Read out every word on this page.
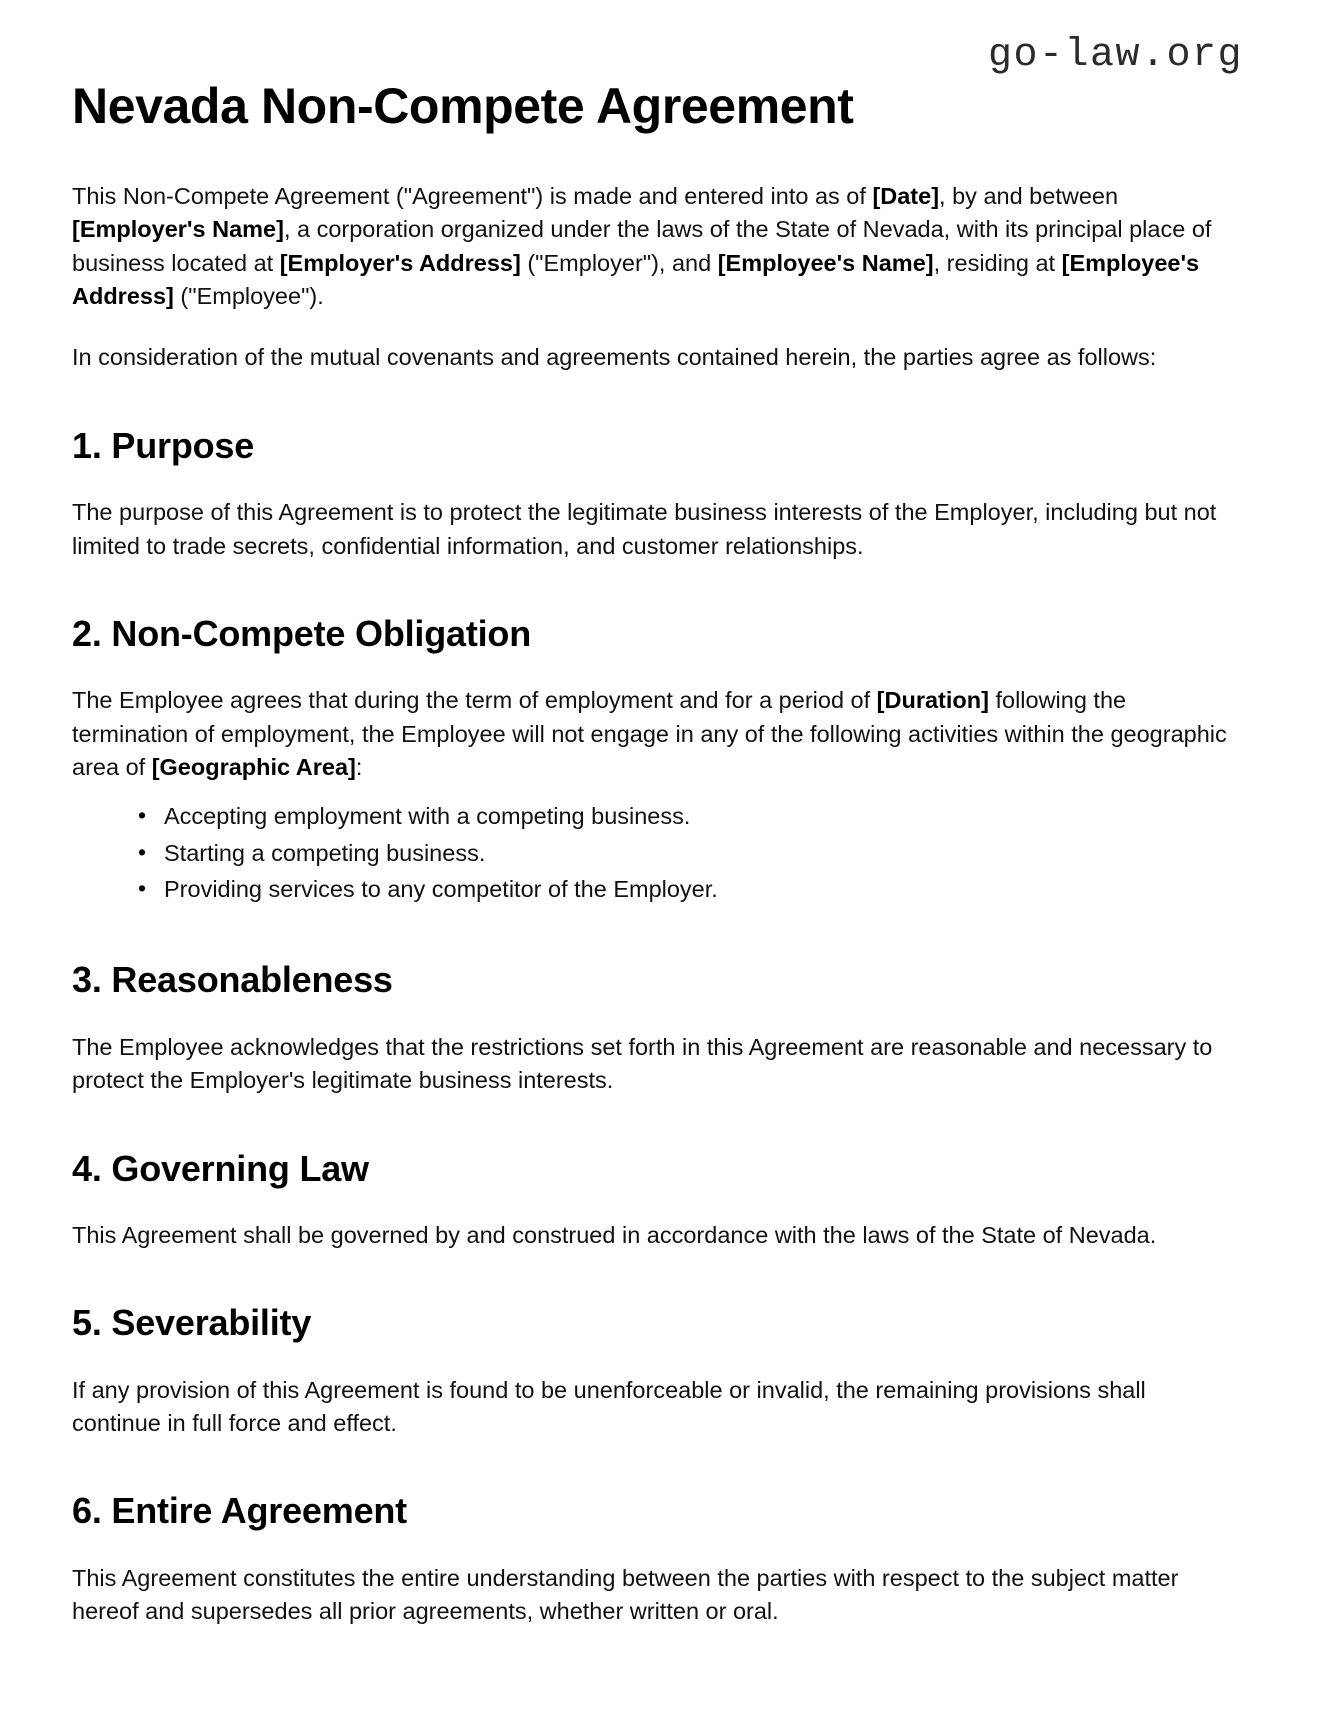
go-law.org
Nevada Non-Compete Agreement

This Non-Compete Agreement ("Agreement") is made and entered into as of [Date], by and between [Employer's Name], a corporation organized under the laws of the State of Nevada, with its principal place of business located at [Employer's Address] ("Employer"), and [Employee's Name], residing at [Employee's Address] ("Employee").

In consideration of the mutual covenants and agreements contained herein, the parties agree as follows:

1. Purpose

The purpose of this Agreement is to protect the legitimate business interests of the Employer, including but not limited to trade secrets, confidential information, and customer relationships.

2. Non-Compete Obligation

The Employee agrees that during the term of employment and for a period of [Duration] following the termination of employment, the Employee will not engage in any of the following activities within the geographic area of [Geographic Area]:

• Accepting employment with a competing business.
• Starting a competing business.
• Providing services to any competitor of the Employer.
3. Reasonableness

The Employee acknowledges that the restrictions set forth in this Agreement are reasonable and necessary to protect the Employer's legitimate business interests.

4. Governing Law

This Agreement shall be governed by and construed in accordance with the laws of the State of Nevada.

5. Severability

If any provision of this Agreement is found to be unenforceable or invalid, the remaining provisions shall continue in full force and effect.

6. Entire Agreement

This Agreement constitutes the entire understanding between the parties with respect to the subject matter hereof and supersedes all prior agreements, whether written or oral.
